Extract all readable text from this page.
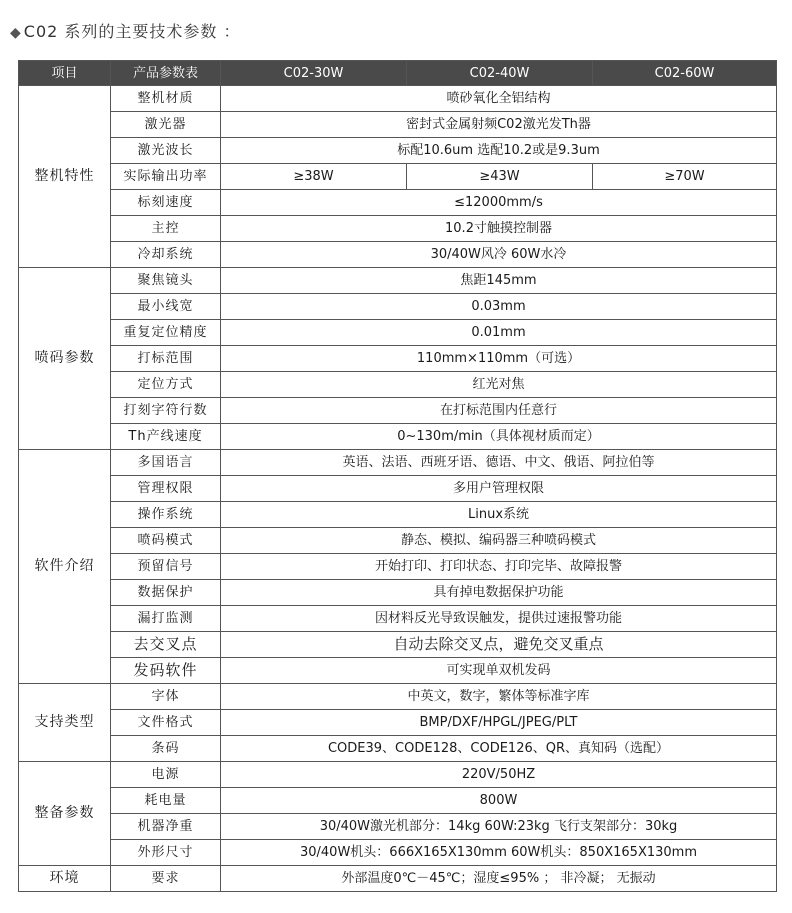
◆ C02 系列的主要技术参数 ：
项目	产品参数表	C02-30W	C02-40W	C02-60W
整机特性	整机材质	喷砂氧化全铝结构		
	激光器	密封式金属射频C02激光发Th器		
	激光波长	标配10.6um 选配10.2或是9.3um		
	实际输出功率	≥38W	≥43W	≥70W
	标刻速度	≤12000mm/s		
	主控	10.2寸触摸控制器		
	冷却系统	30/40W风冷 60W水冷		
喷码参数	聚焦镜头	焦距145mm		
	最小线宽	0.03mm		
	重复定位精度	0.01mm		
	打标范围	110mm×110mm（可选）		
	定位方式	红光对焦		
	打刻字符行数	在打标范围内任意行		
	Th产线速度	0~130m/min（具体视材质而定）		
软件介绍	多国语言	英语、法语、西班牙语、德语、中文、俄语、阿拉伯等		
	管理权限	多用户管理权限		
	操作系统	Linux系统		
	喷码模式	静态、模拟、编码器三种喷码模式		
	预留信号	开始打印、打印状态、打印完毕、故障报警		
	数据保护	具有掉电数据保护功能		
	漏打监测	因材料反光导致误触发，提供过速报警功能		
	去交叉点	自动去除交叉点，避免交叉重点		
	发码软件	可实现单双机发码		
支持类型	字体	中英文，数字，繁体等标准字库		
	文件格式	BMP/DXF/HPGL/JPEG/PLT		
	条码	CODE39、CODE128、CODE126、QR、真知码（选配）		
整备参数	电源	220V/50HZ		
	耗电量	800W		
	机器净重	30/40W激光机部分：14kg 60W:23kg 飞行支架部分：30kg		
	外形尺寸	30/40W机头：666X165X130mm 60W机头：850X165X130mm		
环境	要求	外部温度0℃－45℃；湿度≤95% ； 非冷凝； 无振动		
